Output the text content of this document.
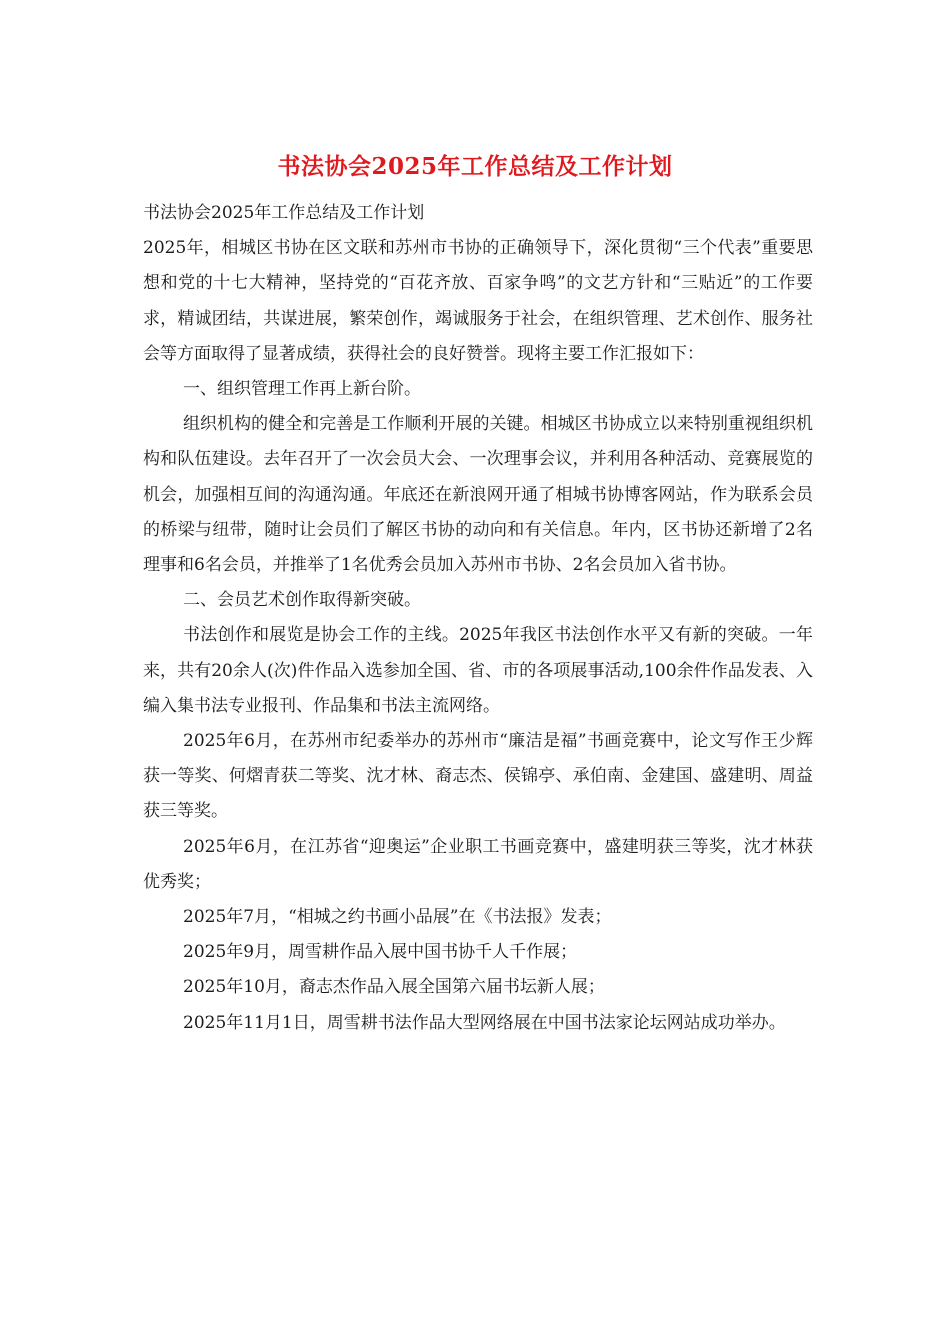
书法协会2025年工作总结及工作计划

书法协会2025年工作总结及工作计划

2025年，相城区书协在区文联和苏州市书协的正确领导下，深化贯彻“三个代表”重要思想和党的十七大精神，坚持党的“百花齐放、百家争鸣”的文艺方针和“三贴近”的工作要求，精诚团结，共谋进展，繁荣创作，竭诚服务于社会，在组织管理、艺术创作、服务社会等方面取得了显著成绩，获得社会的良好赞誉。现将主要工作汇报如下：

一、组织管理工作再上新台阶。

组织机构的健全和完善是工作顺利开展的关键。相城区书协成立以来特别重视组织机构和队伍建设。去年召开了一次会员大会、一次理事会议，并利用各种活动、竞赛展览的机会，加强相互间的沟通沟通。年底还在新浪网开通了相城书协博客网站，作为联系会员的桥梁与纽带，随时让会员们了解区书协的动向和有关信息。年内，区书协还新增了2名理事和6名会员，并推举了1名优秀会员加入苏州市书协、2名会员加入省书协。

二、会员艺术创作取得新突破。

书法创作和展览是协会工作的主线。2025年我区书法创作水平又有新的突破。一年来，共有20余人(次)件作品入选参加全国、省、市的各项展事活动,100余件作品发表、入编入集书法专业报刊、作品集和书法主流网络。

2025年6月，在苏州市纪委举办的苏州市“廉洁是福”书画竞赛中，论文写作王少辉获一等奖、何熠青获二等奖、沈才林、裔志杰、侯锦亭、承伯南、金建国、盛建明、周益获三等奖。

2025年6月，在江苏省“迎奥运”企业职工书画竞赛中，盛建明获三等奖，沈才林获优秀奖；

2025年7月，“相城之约书画小品展”在《书法报》发表；

2025年9月，周雪耕作品入展中国书协千人千作展；

2025年10月，裔志杰作品入展全国第六届书坛新人展；

2025年11月1日，周雪耕书法作品大型网络展在中国书法家论坛网站成功举办。
